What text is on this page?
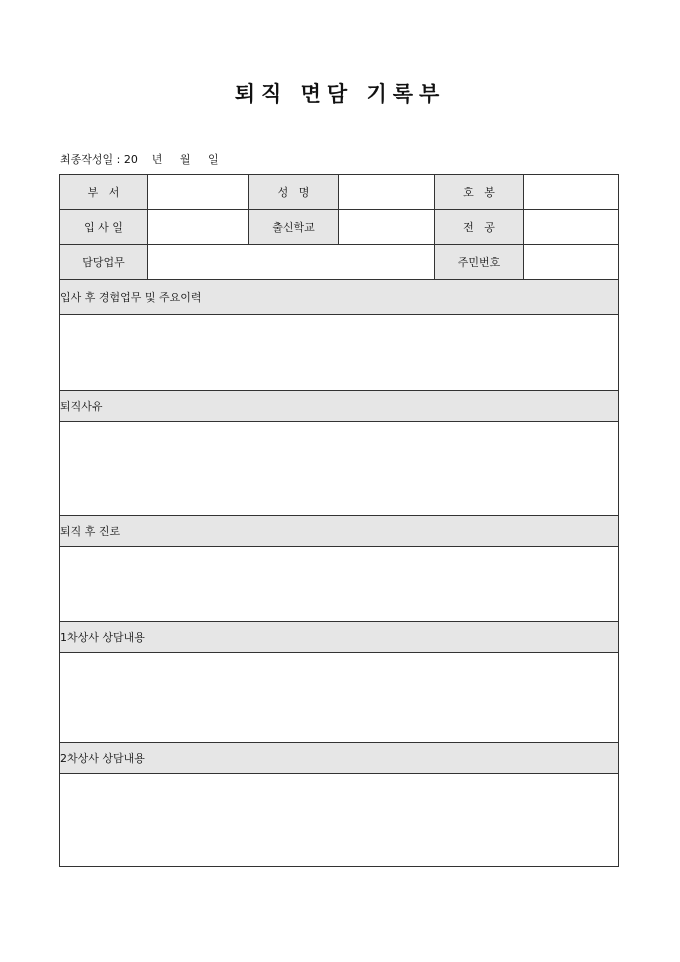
퇴직 면담 기록부
최종작성일 : 20    년     월     일
부   서		성   명		호   봉	
입 사 일		출신학교		전   공	
담당업무				주민번호	
입사 후 경험업무 및 주요이력					

퇴직사유					

퇴직 후 진로					

1차상사 상담내용					

2차상사 상담내용					
